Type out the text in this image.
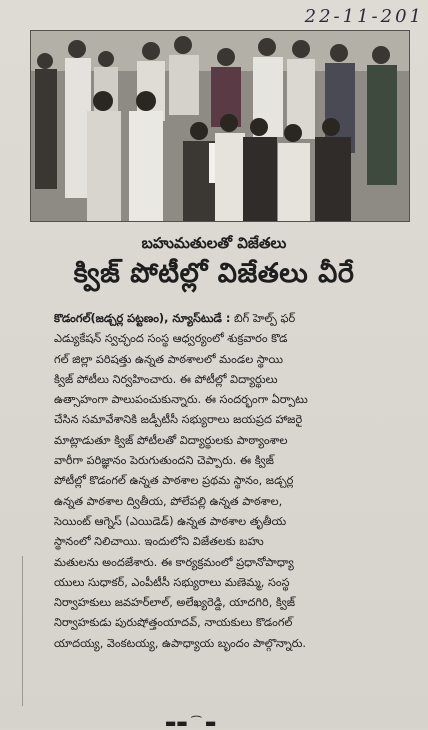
22-11-201
బహుమతులతో విజేతలు
క్విజ్ పోటీల్లో విజేతలు వీరే
కొడంగల్(జడ్చర్ల పట్టణం), న్యూస్‌టుడే : బిగ్ హెల్ప్ ఫర్
ఎడ్యుకేషన్ స్వచ్ఛంద సంస్థ ఆధ్వర్యంలో శుక్రవారం కొడ
గల్ జిల్లా పరిషత్తు ఉన్నత పాఠశాలలో మండల స్థాయి
క్విజ్ పోటీలు నిర్వహించారు. ఈ పోటీల్లో విద్యార్థులు
ఉత్సాహంగా పాలుపంచుకున్నారు. ఈ సందర్భంగా ఏర్పాటు
చేసిన సమావేశానికి జడ్పీటీసీ సభ్యురాలు జయప్రద హాజరై
మాట్లాడుతూ క్విజ్ పోటీలతో విద్యార్థులకు పాఠ్యాంశాల
వారీగా పరిజ్ఞానం పెరుగుతుందని చెప్పారు. ఈ క్విజ్
పోటీల్లో కొడంగల్ ఉన్నత పాఠశాల ప్రథమ స్థానం, జడ్చర్ల
ఉన్నత పాఠశాల ద్వితీయ, పోలేపల్లి ఉన్నత పాఠశాల,
సెయింట్ ఆగ్నెస్ (ఎయిడెడ్) ఉన్నత పాఠశాల తృతీయ
స్థానంలో నిలిచాయి. ఇందులోని విజేతలకు బహు
మతులను అందజేశారు. ఈ కార్యక్రమంలో ప్రధానోపాధ్యా
యులు సుధాకర్, ఎంపీటీసీ సభ్యురాలు మణెమ్మ, సంస్థ
నిర్వాహకులు జవహర్‌లాల్, అలేఖ్యరెడ్డి, యాదగిరి, క్విజ్
నిర్వాహకుడు పురుషోత్తంయాదవ్, నాయకులు కొడంగల్
యాదయ్య, వెంకటయ్య, ఉపాధ్యాయ బృందం పాల్గొన్నారు.
▬▬ ⁀ ▬
